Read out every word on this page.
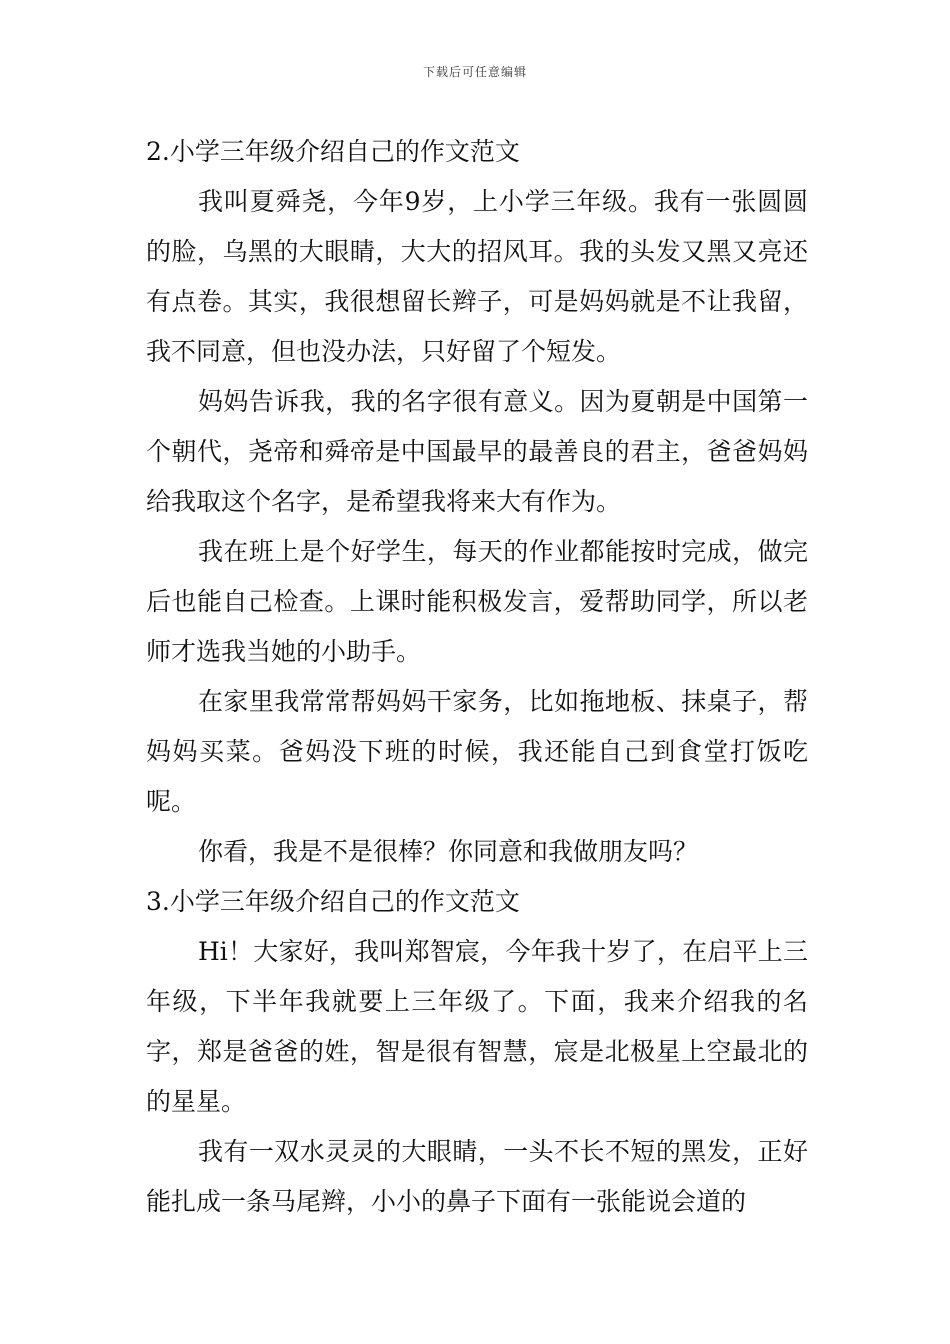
下载后可任意编辑

2.小学三年级介绍自己的作文范文

我叫夏舜尧，今年9岁，上小学三年级。我有一张圆圆的脸，乌黑的大眼睛，大大的招风耳。我的头发又黑又亮还有点卷。其实，我很想留长辫子，可是妈妈就是不让我留，我不同意，但也没办法，只好留了个短发。

妈妈告诉我，我的名字很有意义。因为夏朝是中国第一个朝代，尧帝和舜帝是中国最早的最善良的君主，爸爸妈妈给我取这个名字，是希望我将来大有作为。

我在班上是个好学生，每天的作业都能按时完成，做完后也能自己检查。上课时能积极发言，爱帮助同学，所以老师才选我当她的小助手。

在家里我常常帮妈妈干家务，比如拖地板、抹桌子，帮妈妈买菜。爸妈没下班的时候，我还能自己到食堂打饭吃呢。

你看，我是不是很棒？你同意和我做朋友吗？

3.小学三年级介绍自己的作文范文

Hi！大家好，我叫郑智宸，今年我十岁了，在启平上三年级，下半年我就要上三年级了。下面，我来介绍我的名字，郑是爸爸的姓，智是很有智慧，宸是北极星上空最北的的星星。

我有一双水灵灵的大眼睛，一头不长不短的黑发，正好能扎成一条马尾辫，小小的鼻子下面有一张能说会道的
